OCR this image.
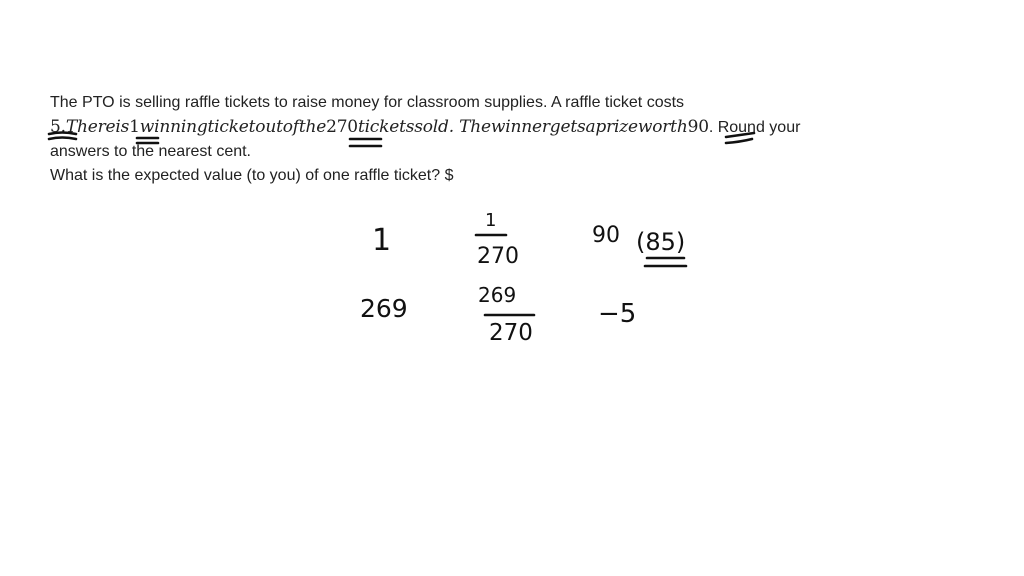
The PTO is selling raffle tickets to raise money for classroom supplies. A raffle ticket costs
5.Thereis1winningticketoutofthe270ticketssold. Thewinnergetsaprizeworth90. Round your
answers to the nearest cent.
What is the expected value (to you) of one raffle ticket? $
1
1
270
90 (85)
269	269
270
−5
